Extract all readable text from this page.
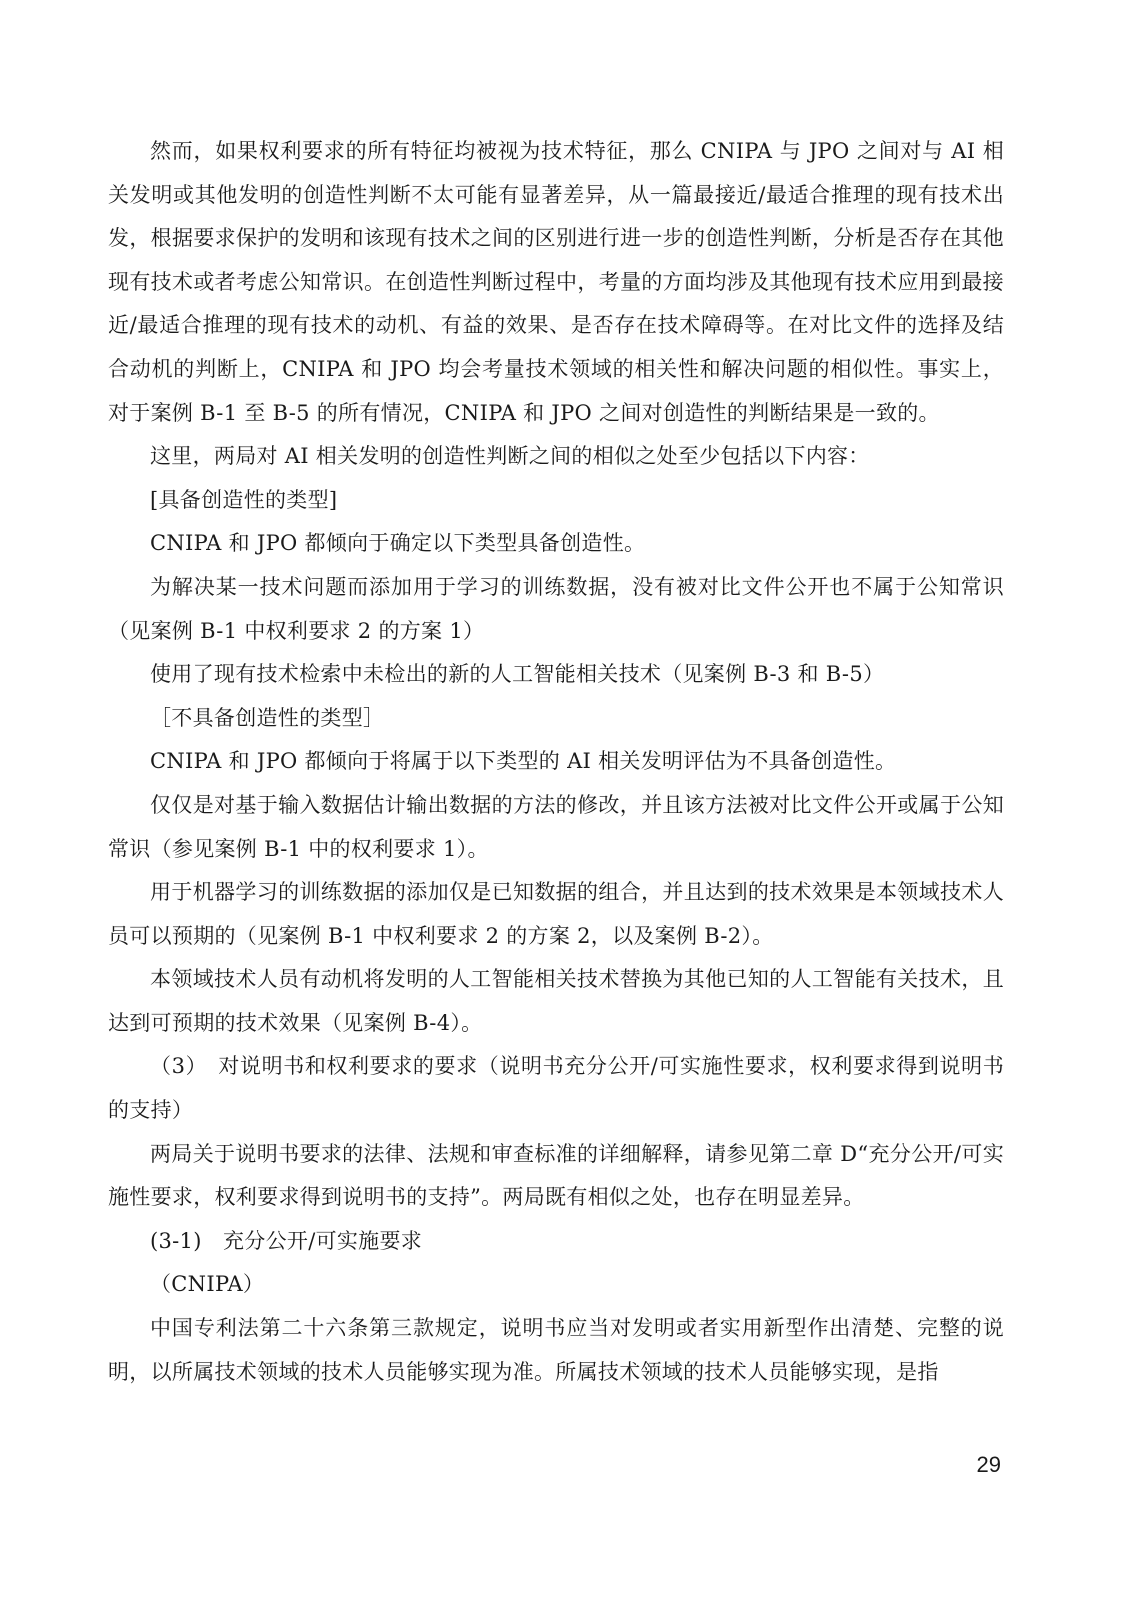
然而，如果权利要求的所有特征均被视为技术特征，那么 CNIPA 与 JPO 之间对与 AI 相关发明或其他发明的创造性判断不太可能有显著差异，从一篇最接近/最适合推理的现有技术出发，根据要求保护的发明和该现有技术之间的区别进行进一步的创造性判断，分析是否存在其他现有技术或者考虑公知常识。在创造性判断过程中，考量的方面均涉及其他现有技术应用到最接近/最适合推理的现有技术的动机、有益的效果、是否存在技术障碍等。在对比文件的选择及结合动机的判断上，CNIPA 和 JPO 均会考量技术领域的相关性和解决问题的相似性。事实上，对于案例 B-1 至 B-5 的所有情况，CNIPA 和 JPO 之间对创造性的判断结果是一致的。

这里，两局对 AI 相关发明的创造性判断之间的相似之处至少包括以下内容：

[具备创造性的类型]

CNIPA 和 JPO 都倾向于确定以下类型具备创造性。

为解决某一技术问题而添加用于学习的训练数据，没有被对比文件公开也不属于公知常识（见案例 B-1 中权利要求 2 的方案 1）

使用了现有技术检索中未检出的新的人工智能相关技术（见案例 B-3 和 B-5）

［不具备创造性的类型］

CNIPA 和 JPO 都倾向于将属于以下类型的 AI 相关发明评估为不具备创造性。

仅仅是对基于输入数据估计输出数据的方法的修改，并且该方法被对比文件公开或属于公知常识（参见案例 B-1 中的权利要求 1）。

用于机器学习的训练数据的添加仅是已知数据的组合，并且达到的技术效果是本领域技术人员可以预期的（见案例 B-1 中权利要求 2 的方案 2，以及案例 B-2）。

本领域技术人员有动机将发明的人工智能相关技术替换为其他已知的人工智能有关技术，且达到可预期的技术效果（见案例 B-4）。

（3）　对说明书和权利要求的要求（说明书充分公开/可实施性要求，权利要求得到说明书的支持）

两局关于说明书要求的法律、法规和审查标准的详细解释，请参见第二章 D“充分公开/可实施性要求，权利要求得到说明书的支持”。两局既有相似之处，也存在明显差异。

(3-1)　充分公开/可实施要求

（CNIPA）

中国专利法第二十六条第三款规定，说明书应当对发明或者实用新型作出清楚、完整的说明，以所属技术领域的技术人员能够实现为准。所属技术领域的技术人员能够实现，是指

29
